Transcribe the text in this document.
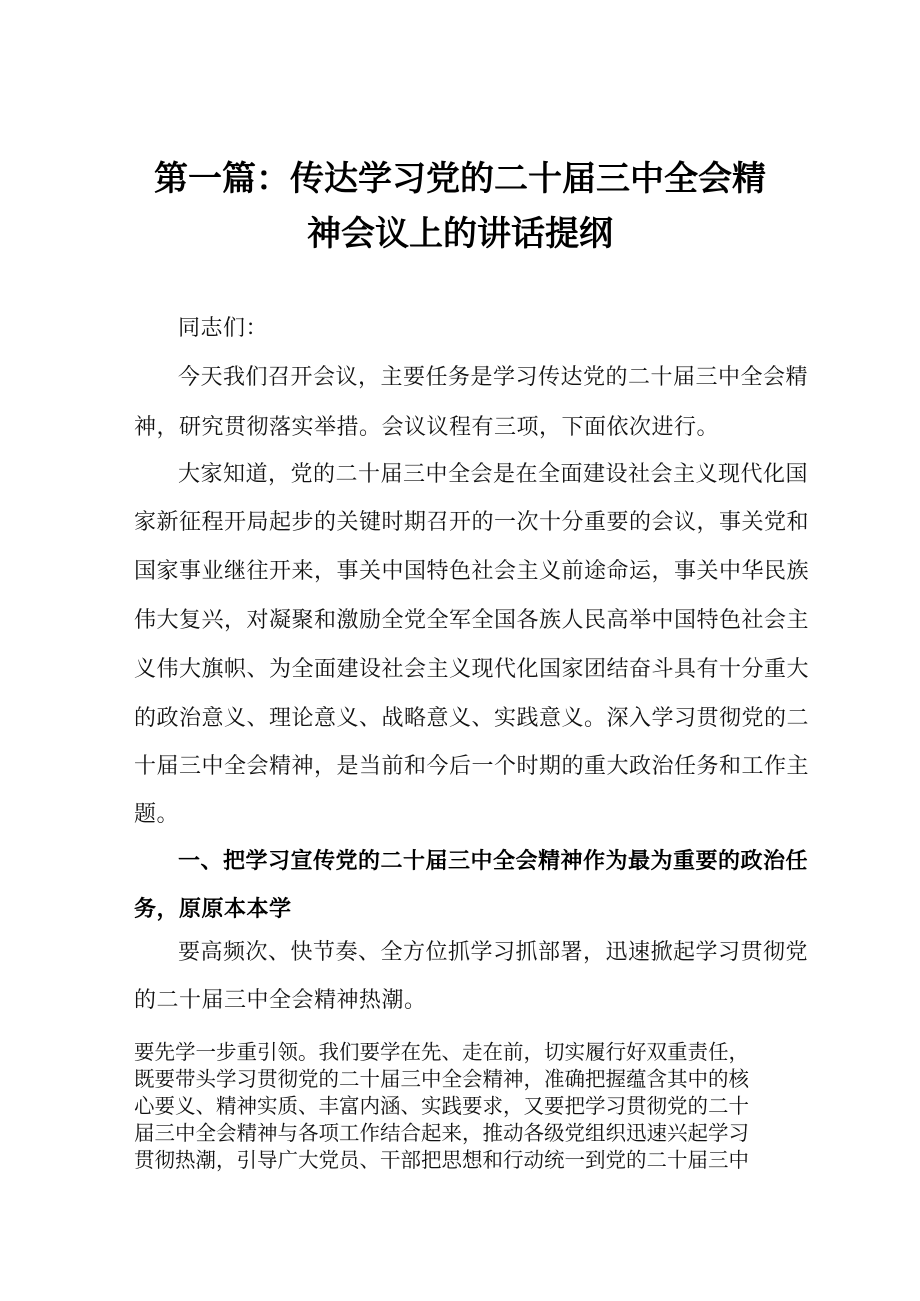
第一篇：传达学习党的二十届三中全会精
神会议上的讲话提纲
同志们：
今天我们召开会议，主要任务是学习传达党的二十届三中全会精
神，研究贯彻落实举措。会议议程有三项，下面依次进行。
大家知道，党的二十届三中全会是在全面建设社会主义现代化国
家新征程开局起步的关键时期召开的一次十分重要的会议，事关党和
国家事业继往开来，事关中国特色社会主义前途命运，事关中华民族
伟大复兴，对凝聚和激励全党全军全国各族人民高举中国特色社会主
义伟大旗帜、为全面建设社会主义现代化国家团结奋斗具有十分重大
的政治意义、理论意义、战略意义、实践意义。深入学习贯彻党的二
十届三中全会精神，是当前和今后一个时期的重大政治任务和工作主
题。
一、把学习宣传党的二十届三中全会精神作为最为重要的政治任
务，原原本本学
要高频次、快节奏、全方位抓学习抓部署，迅速掀起学习贯彻党
的二十届三中全会精神热潮。
要先学一步重引领。我们要学在先、走在前，切实履行好双重责任，
既要带头学习贯彻党的二十届三中全会精神，准确把握蕴含其中的核
心要义、精神实质、丰富内涵、实践要求，又要把学习贯彻党的二十
届三中全会精神与各项工作结合起来，推动各级党组织迅速兴起学习
贯彻热潮，引导广大党员、干部把思想和行动统一到党的二十届三中
